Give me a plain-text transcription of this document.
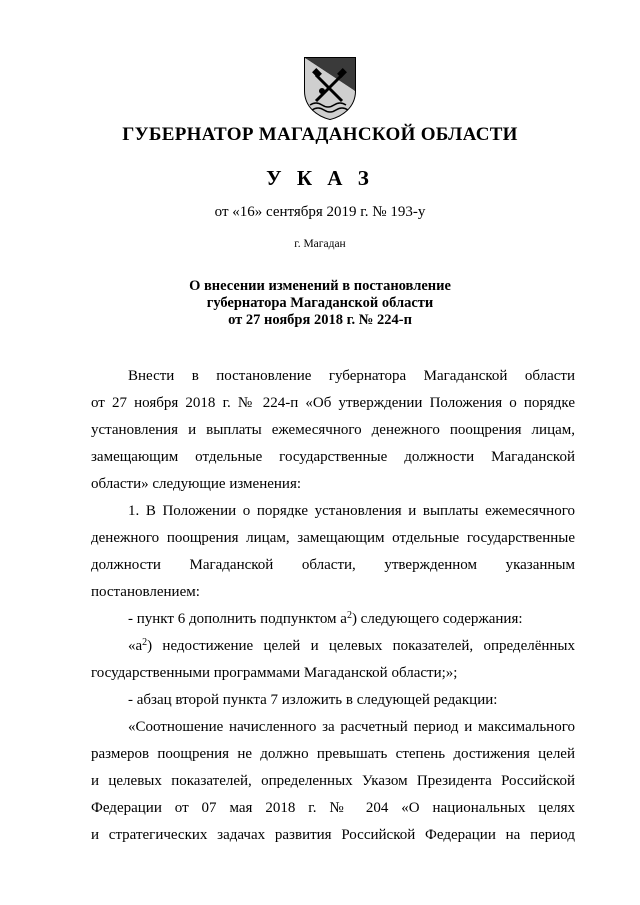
ГУБЕРНАТОР МАГАДАНСКОЙ ОБЛАСТИ
У К А З
от «16» сентября 2019 г. № 193-у
г. Магадан
О внесении изменений в постановление
губернатора Магаданской области
от 27 ноября 2018 г. № 224-п
Внести в постановление губернатора Магаданской области
от 27 ноября 2018 г. № 224-п «Об утверждении Положения о порядке
установления и выплаты ежемесячного денежного поощрения лицам,
замещающим отдельные государственные должности Магаданской
области» следующие изменения:
1. В Положении о порядке установления и выплаты ежемесячного
денежного поощрения лицам, замещающим отдельные государственные
должности Магаданской области, утвержденном указанным
постановлением:
- пункт 6 дополнить подпунктом $а^2$) следующего содержания:
«$а^2$) недостижение целей и целевых показателей, определённых
государственными программами Магаданской области;»;
- абзац второй пункта 7 изложить в следующей редакции:
«Соотношение начисленного за расчетный период и максимального
размеров поощрения не должно превышать степень достижения целей
и целевых показателей, определенных Указом Президента Российской
Федерации от 07 мая 2018 г. № 204 «О национальных целях
и стратегических задачах развития Российской Федерации на период
